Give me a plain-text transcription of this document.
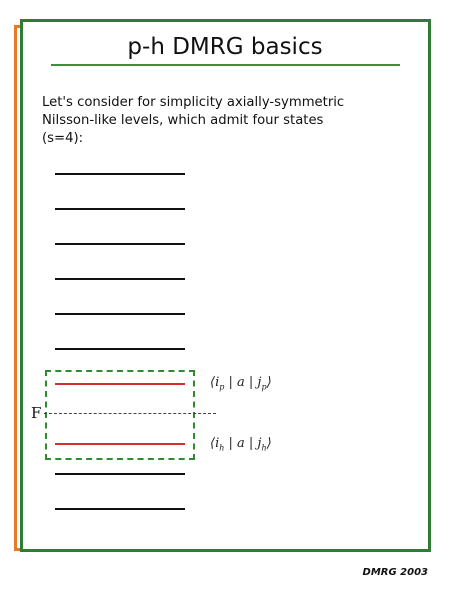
p-h DMRG basics
Let's consider for simplicity axially-symmetric
Nilsson-like levels, which admit four states
(s=4):
F
$⟨i_p$ | a | $j_p⟩$
$⟨i_h$ | a | $j_h⟩$
DMRG 2003
